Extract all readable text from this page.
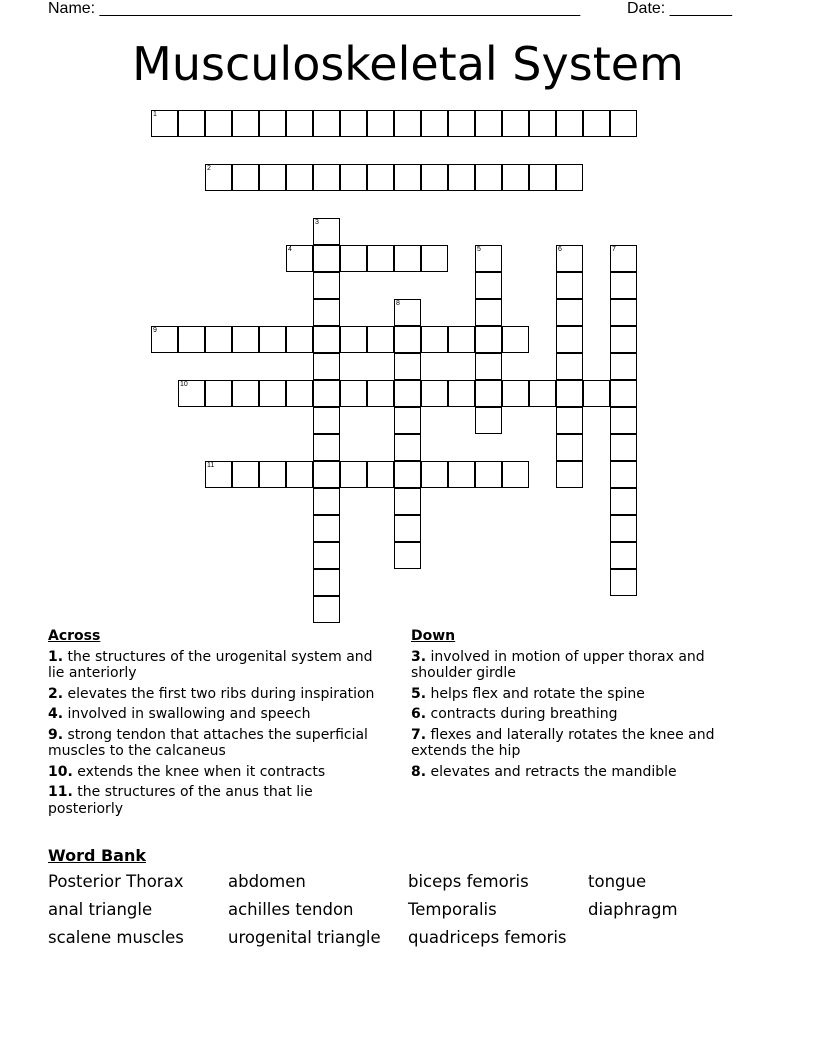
Name: ______________________________________________________	Date: _______
Musculoskeletal System
1
2
3
4	5	6	7
8
9
10
11
Across
1. the structures of the urogenital system and lie anteriorly
2. elevates the first two ribs during inspiration
4. involved in swallowing and speech
9. strong tendon that attaches the superficial muscles to the calcaneus
10. extends the knee when it contracts
11. the structures of the anus that lie posteriorly
Down
3. involved in motion of upper thorax and shoulder girdle
5. helps flex and rotate the spine
6. contracts during breathing
7. flexes and laterally rotates the knee and extends the hip
8. elevates and retracts the mandible
Word Bank
Posterior Thorax	abdomen	biceps femoris	tongue
anal triangle	achilles tendon	Temporalis	diaphragm
scalene muscles	urogenital triangle	quadriceps femoris
